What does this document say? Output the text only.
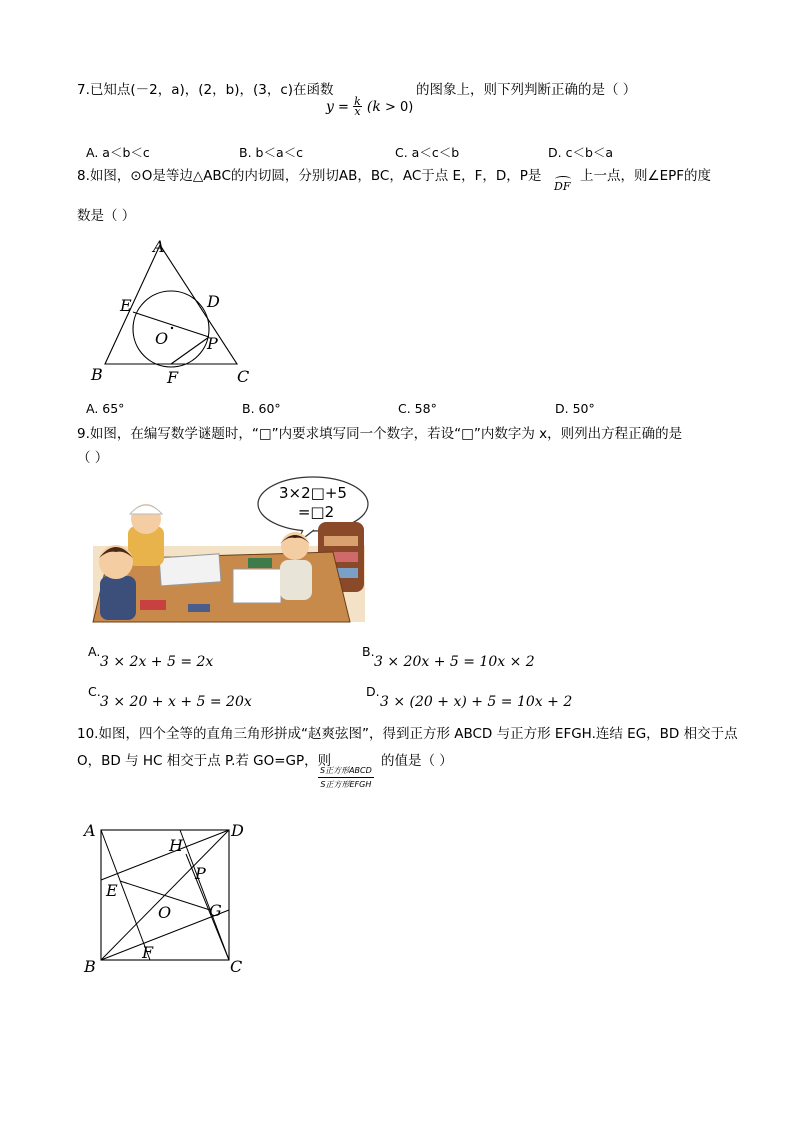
7.已知点(－2，a)，(2，b)，(3，c)在函数	的图象上，则下列判断正确的是（ ）
$y = \frac{k}{x} (k > 0)$
A. a＜b＜c	B. b＜a＜c	C. a＜c＜b	D. c＜b＜a
8.如图，⊙O是等边△ABC的内切圆，分别切AB，BC，AC于点 E，F，D，P是
DF
上一点，则∠EPF的度
数是（ ）
A
B	C
D
E
F
O P
A. 65°	B. 60°	C. 58°	D. 50°
9.如图，在编写数学谜题时，“□”内要求填写同一个数字，若设“□”内数字为 x，则列出方程正确的是
（ ）
3×2□+5
=□2
A.
3 × 2x + 5 = 2x
B.
3 × 20x + 5 = 10x × 2
C.
3 × 20 + x + 5 = 20x
D.
3 × (20 + x) + 5 = 10x + 2
10.如图，四个全等的直角三角形拼成“赵爽弦图”，得到正方形 ABCD 与正方形 EFGH.连结 EG，BD 相交于点
O，BD 与 HC 相交于点 P.若 GO=GP，则
S正方形ABCD
S正方形EFGH
的值是（ ）
A
B	C
D
E
F
G
H
O
P
